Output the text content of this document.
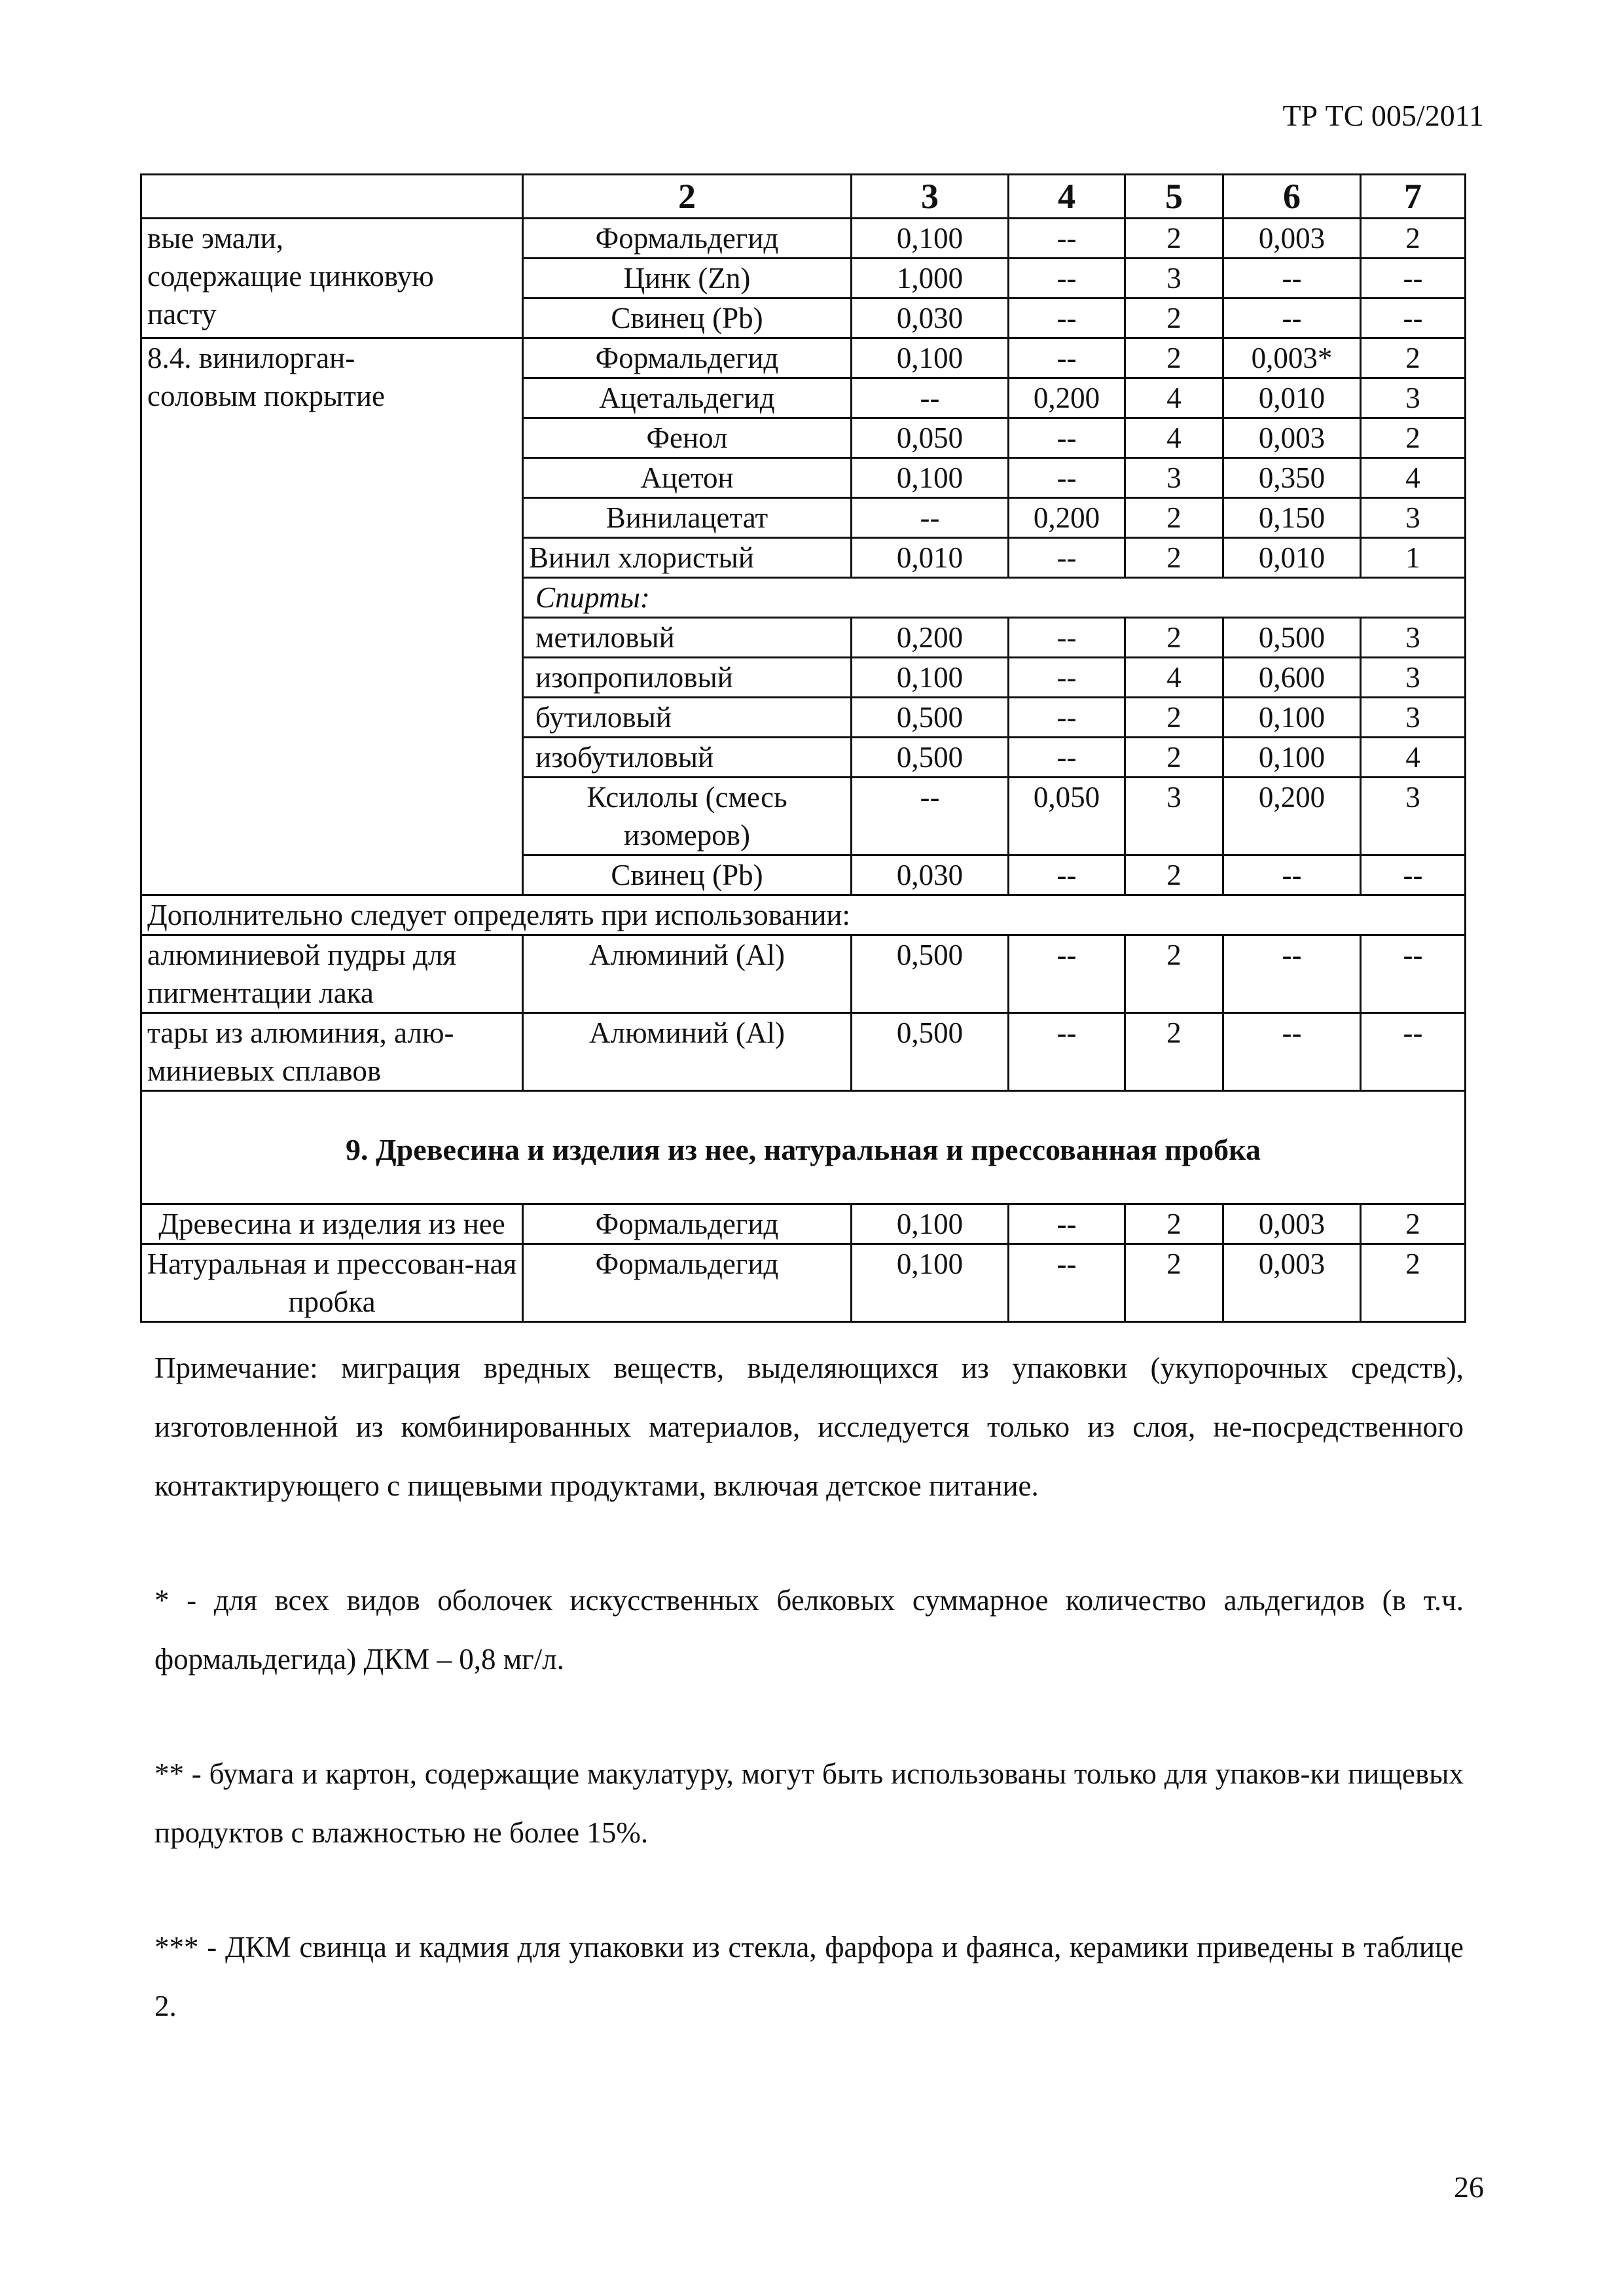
ТР ТС 005/2011
	2	3	4	5	6	7
вые эмали,
содержащие цинковую
пасту	Формальдегид	0,100	--	2	0,003	2
	Цинк (Zn)	1,000	--	3	--	--
	Свинец (Pb)	0,030	--	2	--	--
8.4. винилорган-
соловым покрытие	Формальдегид	0,100	--	2	0,003*	2
	Ацетальдегид	--	0,200	4	0,010	3
	Фенол	0,050	--	4	0,003	2
	Ацетон	0,100	--	3	0,350	4
	Винилацетат	--	0,200	2	0,150	3
	Винил хлористый	0,010	--	2	0,010	1
	Спирты:					
	метиловый	0,200	--	2	0,500	3
	изопропиловый	0,100	--	4	0,600	3
	бутиловый	0,500	--	2	0,100	3
	изобутиловый	0,500	--	2	0,100	4
	Ксилолы (смесь изомеров)	--	0,050	3	0,200	3
	Свинец (Pb)	0,030	--	2	--	--
Дополнительно следует определять при использовании:						
алюминиевой пудры для пигментации лака	Алюминий (Al)	0,500	--	2	--	--
тары из алюминия, алю-миниевых сплавов	Алюминий (Al)	0,500	--	2	--	--
9. Древесина и изделия из нее, натуральная и прессованная пробка						
Древесина и изделия из нее	Формальдегид	0,100	--	2	0,003	2
Натуральная и прессован-ная пробка	Формальдегид	0,100	--	2	0,003	2

Примечание: миграция вредных веществ, выделяющихся из упаковки (укупорочных средств), изготовленной из комбинированных материалов, исследуется только из слоя, не-посредственного контактирующего с пищевыми продуктами, включая детское питание.

* - для всех видов оболочек искусственных белковых суммарное количество альдегидов (в т.ч. формальдегида) ДКМ – 0,8 мг/л.

** - бумага и картон, содержащие макулатуру, могут быть использованы только для упаков-ки пищевых продуктов с влажностью не более 15%.

*** - ДКМ свинца и кадмия для упаковки из стекла, фарфора и фаянса, керамики приведены в таблице 2.

26
